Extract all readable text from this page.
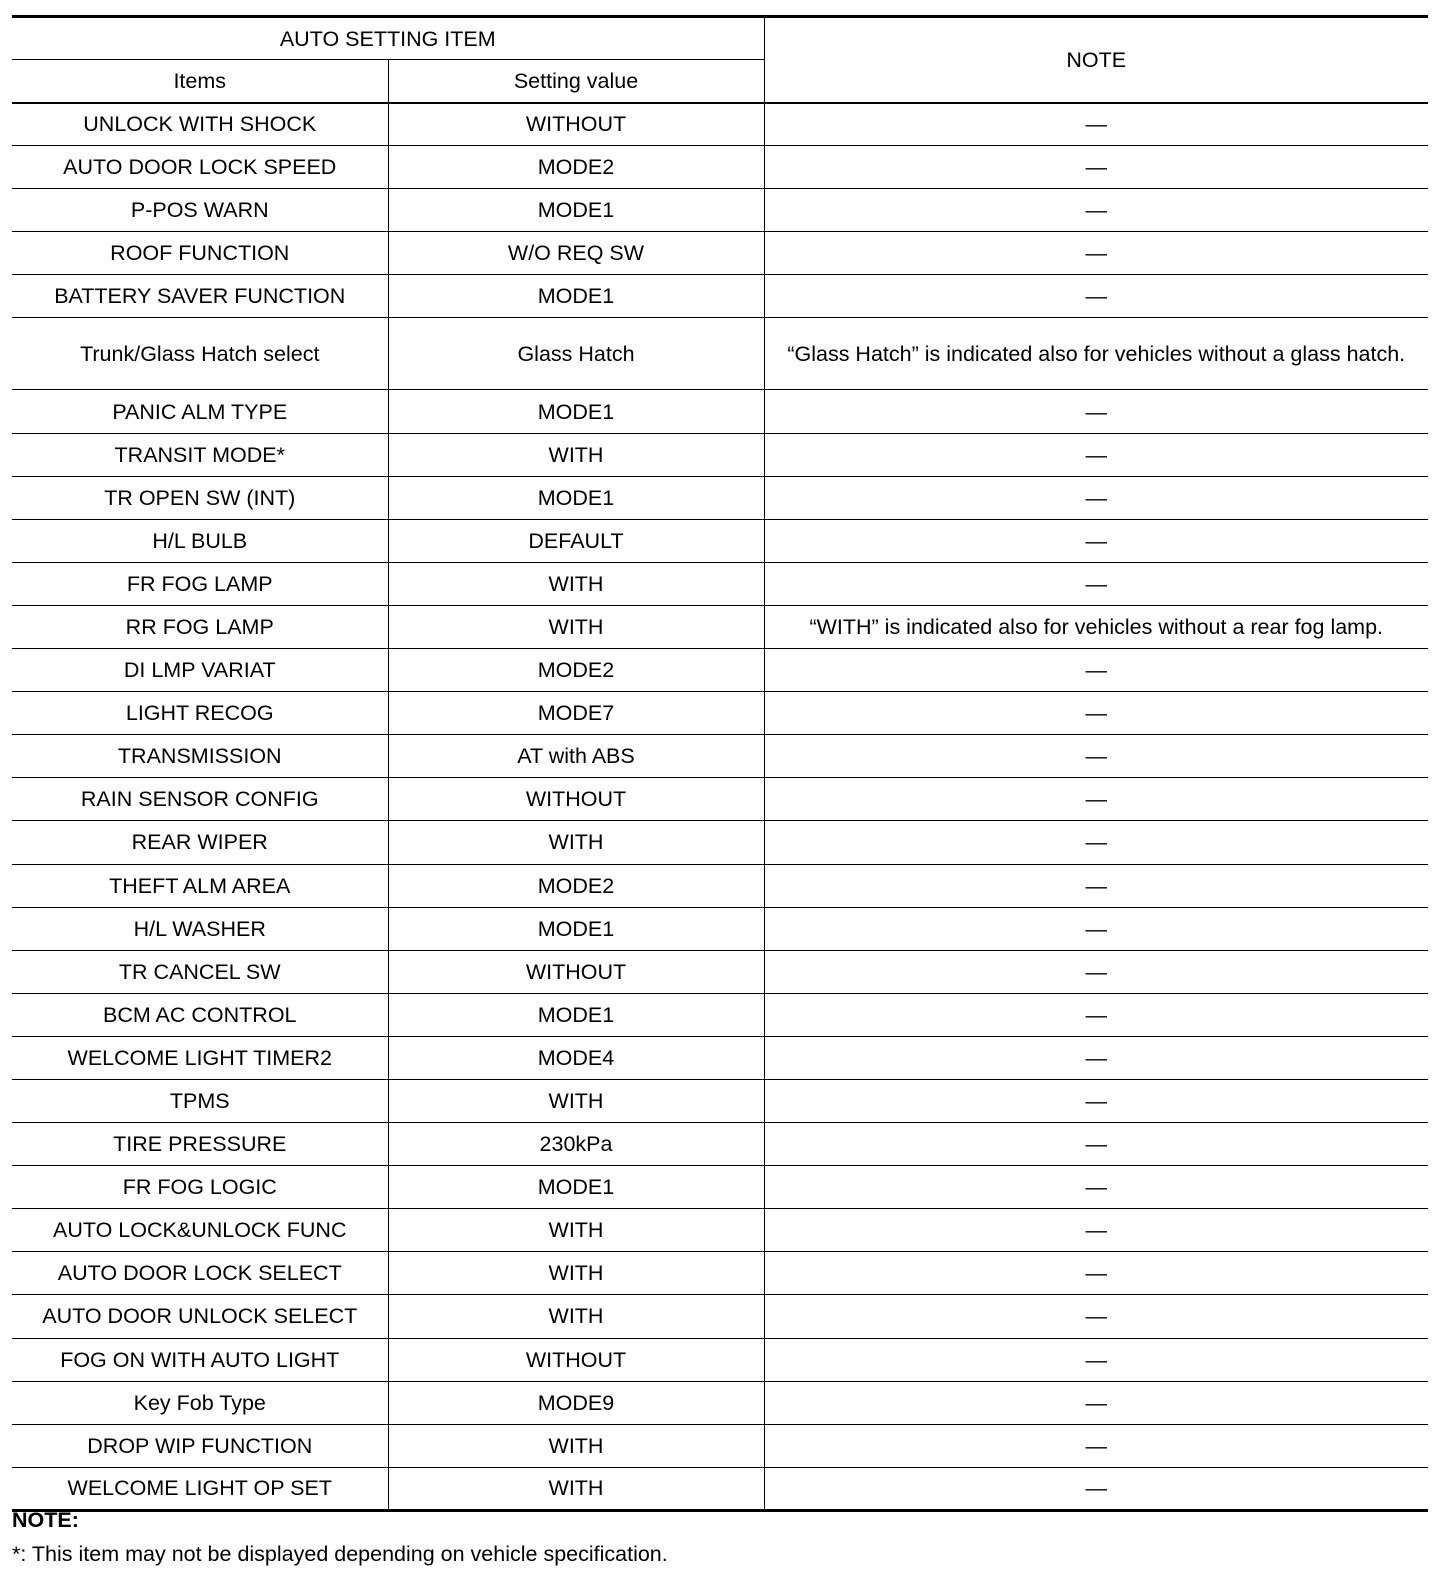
AUTO SETTING ITEM		NOTE
Items	Setting value	
UNLOCK WITH SHOCK	WITHOUT	—
AUTO DOOR LOCK SPEED	MODE2	—
P-POS WARN	MODE1	—
ROOF FUNCTION	W/O REQ SW	—
BATTERY SAVER FUNCTION	MODE1	—
Trunk/Glass Hatch select	Glass Hatch	“Glass Hatch” is indicated also for vehicles without a glass hatch.
PANIC ALM TYPE	MODE1	—
TRANSIT MODE*	WITH	—
TR OPEN SW (INT)	MODE1	—
H/L BULB	DEFAULT	—
FR FOG LAMP	WITH	—
RR FOG LAMP	WITH	“WITH” is indicated also for vehicles without a rear fog lamp.
DI LMP VARIAT	MODE2	—
LIGHT RECOG	MODE7	—
TRANSMISSION	AT with ABS	—
RAIN SENSOR CONFIG	WITHOUT	—
REAR WIPER	WITH	—
THEFT ALM AREA	MODE2	—
H/L WASHER	MODE1	—
TR CANCEL SW	WITHOUT	—
BCM AC CONTROL	MODE1	—
WELCOME LIGHT TIMER2	MODE4	—
TPMS	WITH	—
TIRE PRESSURE	230kPa	—
FR FOG LOGIC	MODE1	—
AUTO LOCK&UNLOCK FUNC	WITH	—
AUTO DOOR LOCK SELECT	WITH	—
AUTO DOOR UNLOCK SELECT	WITH	—
FOG ON WITH AUTO LIGHT	WITHOUT	—
Key Fob Type	MODE9	—
DROP WIP FUNCTION	WITH	—
WELCOME LIGHT OP SET	WITH	—
NOTE:
*: This item may not be displayed depending on vehicle specification.
